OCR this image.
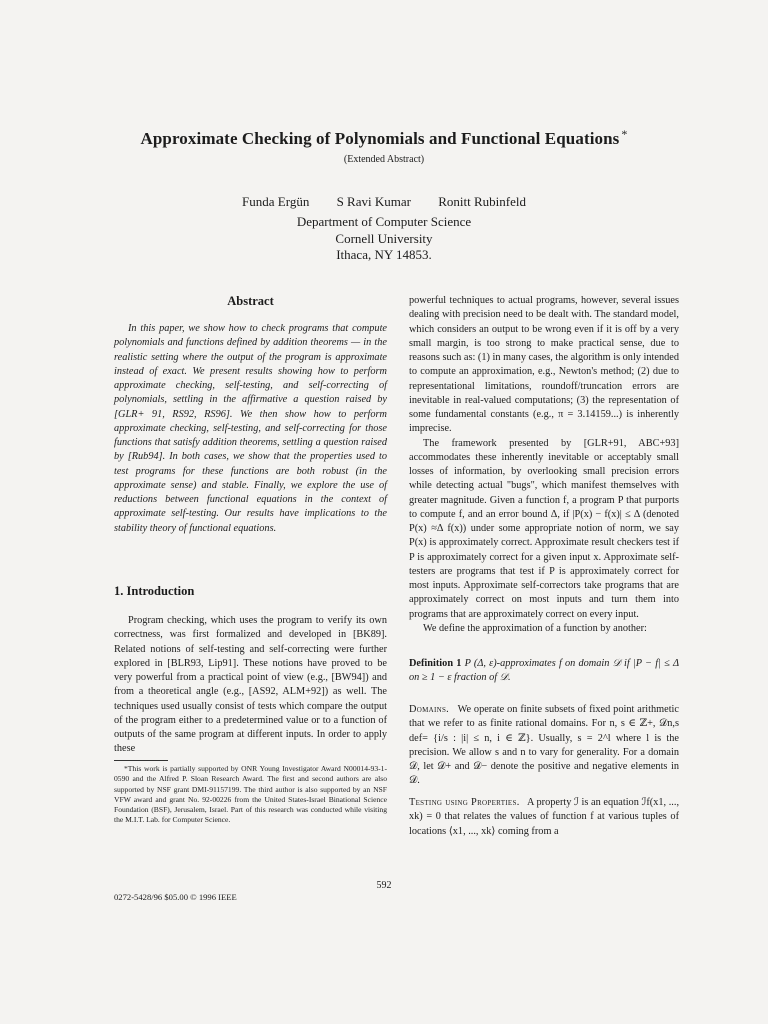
Approximate Checking of Polynomials and Functional Equations *
(Extended Abstract)
Funda Ergün S Ravi Kumar Ronitt Rubinfeld
Department of Computer Science
Cornell University
Ithaca, NY 14853.
Abstract

In this paper, we show how to check programs that compute polynomials and functions defined by addition theorems — in the realistic setting where the output of the program is approximate instead of exact. We present results showing how to perform approximate checking, self-testing, and self-correcting of polynomials, settling in the affirmative a question raised by [GLR+ 91, RS92, RS96]. We then show how to perform approximate checking, self-testing, and self-correcting for those functions that satisfy addition theorems, settling a question raised by [Rub94]. In both cases, we show that the properties used to test programs for these functions are both robust (in the approximate sense) and stable. Finally, we explore the use of reductions between functional equations in the context of approximate self-testing. Our results have implications to the stability theory of functional equations.

1. Introduction

Program checking, which uses the program to verify its own correctness, was first formalized and developed in [BK89]. Related notions of self-testing and self-correcting were further explored in [BLR93, Lip91]. These notions have proved to be very powerful from a practical point of view (e.g., [BW94]) and from a theoretical angle (e.g., [AS92, ALM+92]) as well. The techniques used usually consist of tests which compare the output of the program either to a predetermined value or to a function of outputs of the same program at different inputs. In order to apply these

*This work is partially supported by ONR Young Investigator Award N00014-93-1-0590 and the Alfred P. Sloan Research Award. The first and second authors are also supported by NSF grant DMI-91157199. The third author is also supported by an NSF VFW award and grant No. 92-00226 from the United States-Israel Binational Science Foundation (BSF), Jerusalem, Israel. Part of this research was conducted while visiting the M.I.T. Lab. for Computer Science.

powerful techniques to actual programs, however, several issues dealing with precision need to be dealt with. The standard model, which considers an output to be wrong even if it is off by a very small margin, is too strong to make practical sense, due to reasons such as: (1) in many cases, the algorithm is only intended to compute an approximation, e.g., Newton's method; (2) due to representational limitations, roundoff/truncation errors are inevitable in real-valued computations; (3) the representation of some fundamental constants (e.g., π = 3.14159...) is inherently imprecise.

The framework presented by [GLR+91, ABC+93] accommodates these inherently inevitable or acceptably small losses of information, by overlooking small precision errors while detecting actual "bugs", which manifest themselves with greater magnitude. Given a function f, a program P that purports to compute f, and an error bound Δ, if |P(x) − f(x)| ≤ Δ (denoted P(x) ≈Δ f(x)) under some appropriate notion of norm, we say P(x) is approximately correct. Approximate result checkers test if P is approximately correct for a given input x. Approximate self-testers are programs that test if P is approximately correct for most inputs. Approximate self-correctors take programs that are approximately correct on most inputs and turn them into programs that are approximately correct on every input.

We define the approximation of a function by another:

Definition 1 P (Δ, ε)-approximates f on domain 𝒟 if |P − f| ≤ Δ on ≥ 1 − ε fraction of 𝒟.
Domains. We operate on finite subsets of fixed point arithmetic that we refer to as finite rational domains. For n, s ∈ ℤ+, 𝒟n,s def= {i/s : |i| ≤ n, i ∈ ℤ}. Usually, s = 2^l where l is the precision. We allow s and n to vary for generality. For a domain 𝒟, let 𝒟+ and 𝒟− denote the positive and negative elements in 𝒟.
Testing using Properties. A property ℐ is an equation ℐf(x1, ..., xk) = 0 that relates the values of function f at various tuples of locations ⟨x1, ..., xk⟩ coming from a
592
0272-5428/96 $05.00 © 1996 IEEE
